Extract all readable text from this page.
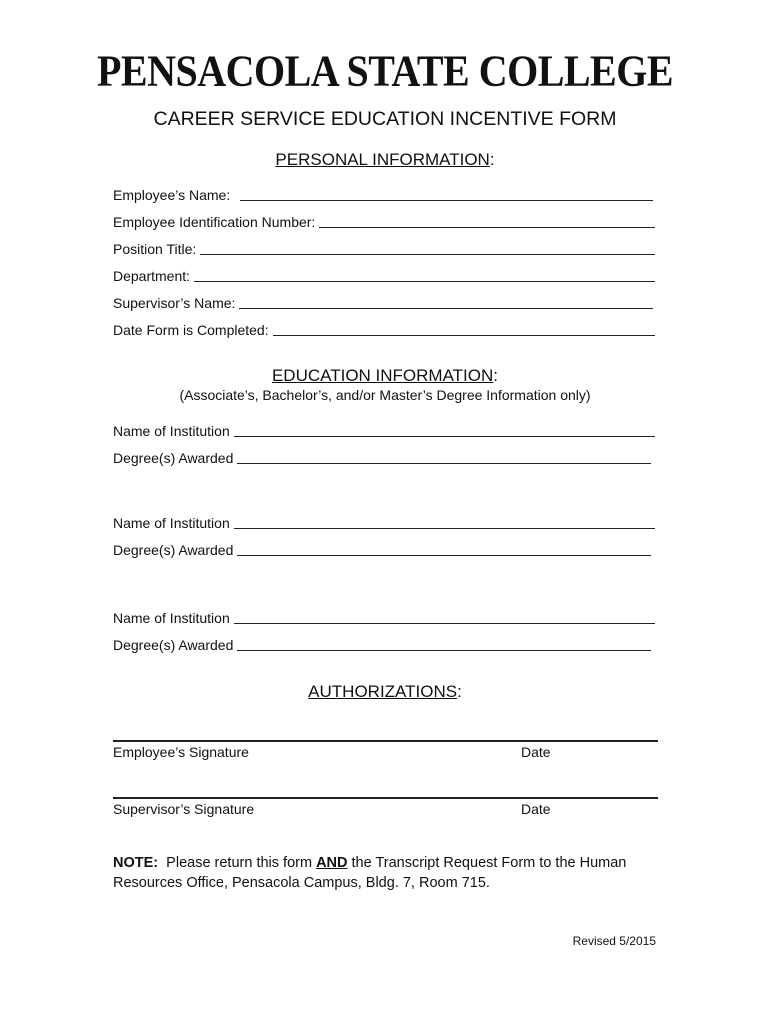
PENSACOLA STATE COLLEGE
CAREER SERVICE EDUCATION INCENTIVE FORM
PERSONAL INFORMATION:
Employee’s Name:
Employee Identification Number:
Position Title:
Department:
Supervisor’s Name:
Date Form is Completed:
EDUCATION INFORMATION:
(Associate’s, Bachelor’s, and/or Master’s Degree Information only)
Name of Institution
Degree(s) Awarded
Name of Institution
Degree(s) Awarded
Name of Institution
Degree(s) Awarded
AUTHORIZATIONS:
Employee’s Signature	Date
Supervisor’s Signature	Date
NOTE: Please return this form AND the Transcript Request Form to the Human Resources Office, Pensacola Campus, Bldg. 7, Room 715.
Revised 5/2015
